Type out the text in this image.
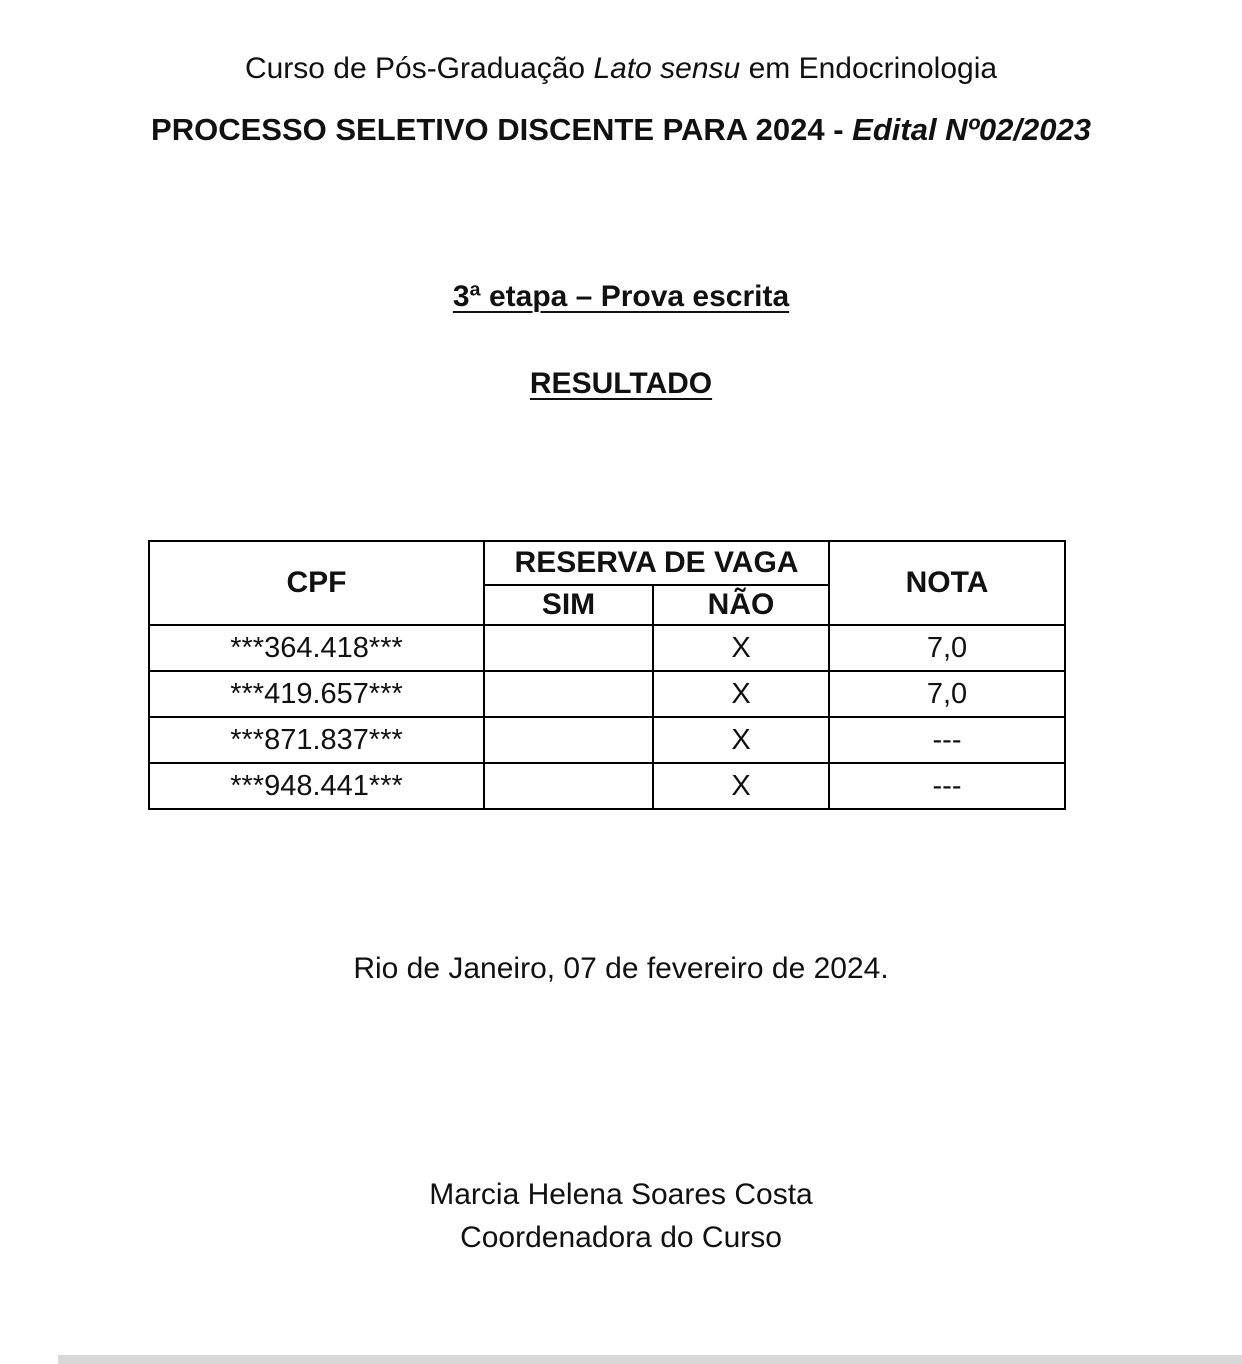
Curso de Pós-Graduação Lato sensu em Endocrinologia
PROCESSO SELETIVO DISCENTE PARA 2024 - Edital Nº02/2023
3ª etapa – Prova escrita
RESULTADO
CPF	RESERVA DE VAGA		NOTA
	SIM	NÃO	
***364.418***		X	7,0
***419.657***		X	7,0
***871.837***		X	---
***948.441***		X	---
Rio de Janeiro, 07 de fevereiro de 2024.
Marcia Helena Soares Costa
Coordenadora do Curso
